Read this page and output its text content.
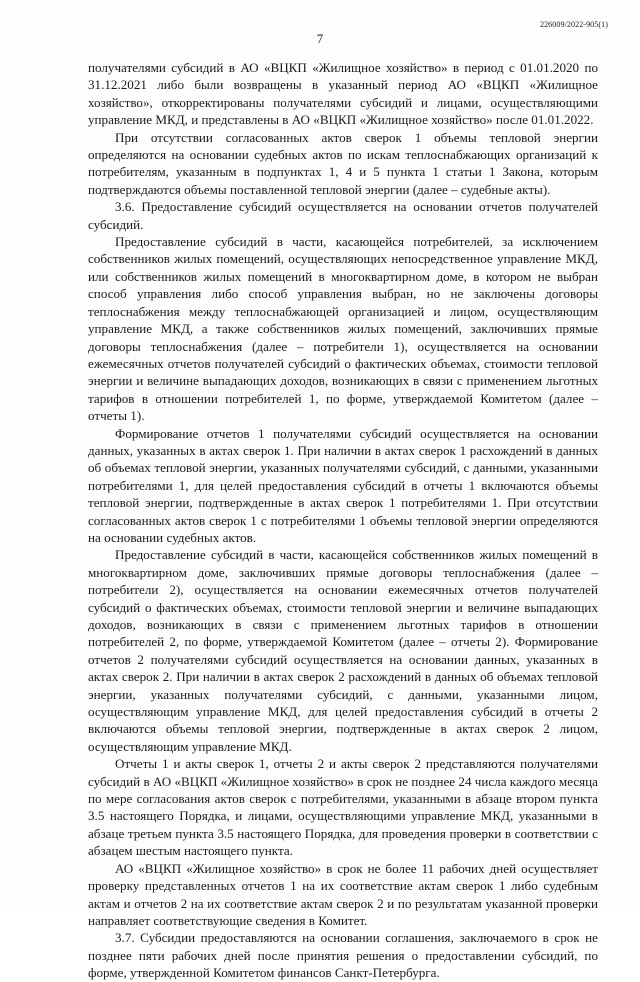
226009/2022-905(1)
7

получателями субсидий в АО «ВЦКП «Жилищное хозяйство» в период с 01.01.2020 по 31.12.2021 либо были возвращены в указанный период АО «ВЦКП «Жилищное хозяйство», откорректированы получателями субсидий и лицами, осуществляющими управление МКД, и представлены в АО «ВЦКП «Жилищное хозяйство» после 01.01.2022.

При отсутствии согласованных актов сверок 1 объемы тепловой энергии определяются на основании судебных актов по искам теплоснабжающих организаций к потребителям, указанным в подпунктах 1, 4 и 5 пункта 1 статьи 1 Закона, которым подтверждаются объемы поставленной тепловой энергии (далее – судебные акты).

3.6. Предоставление субсидий осуществляется на основании отчетов получателей субсидий.

Предоставление субсидий в части, касающейся потребителей, за исключением собственников жилых помещений, осуществляющих непосредственное управление МКД, или собственников жилых помещений в многоквартирном доме, в котором не выбран способ управления либо способ управления выбран, но не заключены договоры теплоснабжения между теплоснабжающей организацией и лицом, осуществляющим управление МКД, а также собственников жилых помещений, заключивших прямые договоры теплоснабжения (далее – потребители 1), осуществляется на основании ежемесячных отчетов получателей субсидий о фактических объемах, стоимости тепловой энергии и величине выпадающих доходов, возникающих в связи с применением льготных тарифов в отношении потребителей 1, по форме, утверждаемой Комитетом (далее – отчеты 1).

Формирование отчетов 1 получателями субсидий осуществляется на основании данных, указанных в актах сверок 1. При наличии в актах сверок 1 расхождений в данных об объемах тепловой энергии, указанных получателями субсидий, с данными, указанными потребителями 1, для целей предоставления субсидий в отчеты 1 включаются объемы тепловой энергии, подтвержденные в актах сверок 1 потребителями 1. При отсутствии согласованных актов сверок 1 с потребителями 1 объемы тепловой энергии определяются на основании судебных актов.

Предоставление субсидий в части, касающейся собственников жилых помещений в многоквартирном доме, заключивших прямые договоры теплоснабжения (далее – потребители 2), осуществляется на основании ежемесячных отчетов получателей субсидий о фактических объемах, стоимости тепловой энергии и величине выпадающих доходов, возникающих в связи с применением льготных тарифов в отношении потребителей 2, по форме, утверждаемой Комитетом (далее – отчеты 2). Формирование отчетов 2 получателями субсидий осуществляется на основании данных, указанных в актах сверок 2. При наличии в актах сверок 2 расхождений в данных об объемах тепловой энергии, указанных получателями субсидий, с данными, указанными лицом, осуществляющим управление МКД, для целей предоставления субсидий в отчеты 2 включаются объемы тепловой энергии, подтвержденные в актах сверок 2 лицом, осуществляющим управление МКД.

Отчеты 1 и акты сверок 1, отчеты 2 и акты сверок 2 представляются получателями субсидий в АО «ВЦКП «Жилищное хозяйство» в срок не позднее 24 числа каждого месяца по мере согласования актов сверок с потребителями, указанными в абзаце втором пункта 3.5 настоящего Порядка, и лицами, осуществляющими управление МКД, указанными в абзаце третьем пункта 3.5 настоящего Порядка, для проведения проверки в соответствии с абзацем шестым настоящего пункта.

АО «ВЦКП «Жилищное хозяйство» в срок не более 11 рабочих дней осуществляет проверку представленных отчетов 1 на их соответствие актам сверок 1 либо судебным актам и отчетов 2 на их соответствие актам сверок 2 и по результатам указанной проверки направляет соответствующие сведения в Комитет.

3.7. Субсидии предоставляются на основании соглашения, заключаемого в срок не позднее пяти рабочих дней после принятия решения о предоставлении субсидий, по форме, утвержденной Комитетом финансов Санкт-Петербурга.
